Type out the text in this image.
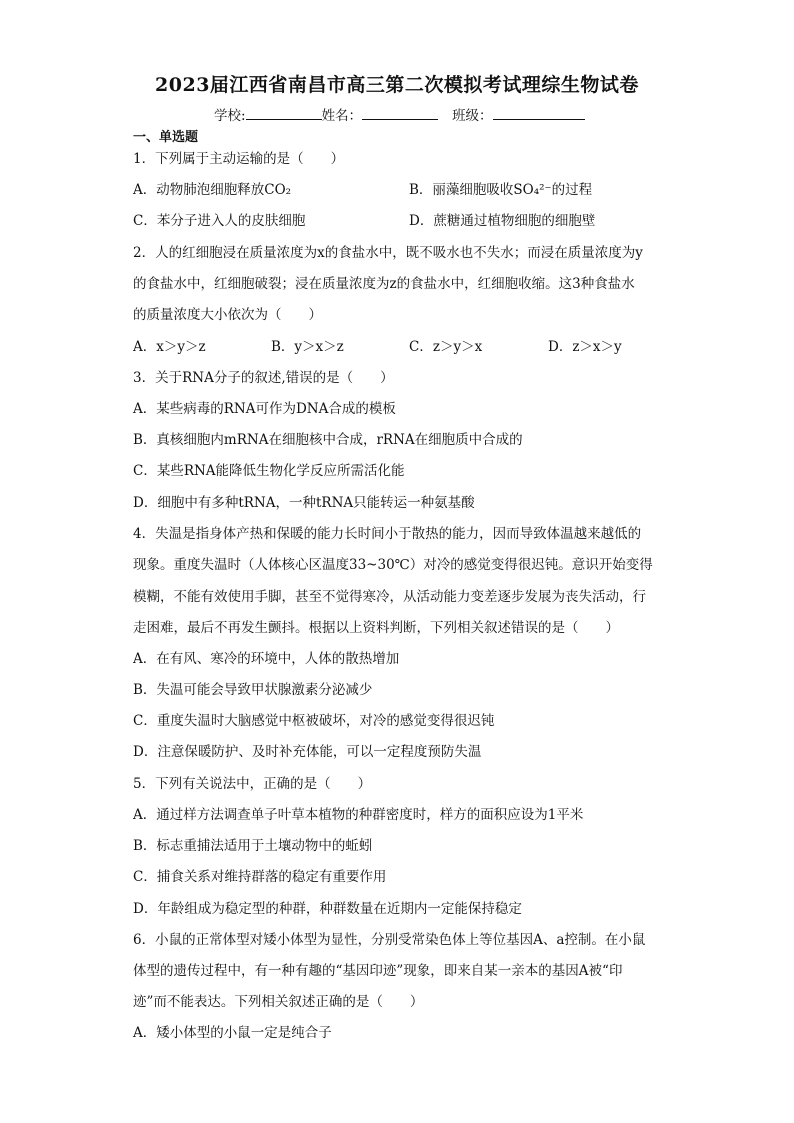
2023届江西省南昌市高三第二次模拟考试理综生物试卷
学校:	姓名：	班级：
一、单选题
1．下列属于主动运输的是（　　）
A．动物肺泡细胞释放CO₂	B．丽藻细胞吸收SO₄²⁻的过程
C．苯分子进入人的皮肤细胞	D．蔗糖通过植物细胞的细胞壁
2．人的红细胞浸在质量浓度为x的食盐水中，既不吸水也不失水；而浸在质量浓度为y
的食盐水中，红细胞破裂；浸在质量浓度为z的食盐水中，红细胞收缩。这3种食盐水
的质量浓度大小依次为（　　）
A．x＞y＞z	B．y＞x＞z	C．z＞y＞x	D．z＞x＞y
3．关于RNA分子的叙述,错误的是（　　）
A．某些病毒的RNA可作为DNA合成的模板
B．真核细胞内mRNA在细胞核中合成，rRNA在细胞质中合成的
C．某些RNA能降低生物化学反应所需活化能
D．细胞中有多种tRNA，一种tRNA只能转运一种氨基酸
4．失温是指身体产热和保暖的能力长时间小于散热的能力，因而导致体温越来越低的
现象。重度失温时（人体核心区温度33~30℃）对冷的感觉变得很迟钝。意识开始变得
模糊，不能有效使用手脚，甚至不觉得寒冷，从活动能力变差逐步发展为丧失活动，行
走困难，最后不再发生颤抖。根据以上资料判断，下列相关叙述错误的是（　　）
A．在有风、寒冷的环境中，人体的散热增加
B．失温可能会导致甲状腺激素分泌减少
C．重度失温时大脑感觉中枢被破坏，对冷的感觉变得很迟钝
D．注意保暖防护、及时补充体能，可以一定程度预防失温
5．下列有关说法中，正确的是（　　）
A．通过样方法调查单子叶草本植物的种群密度时，样方的面积应设为1平米
B．标志重捕法适用于土壤动物中的蚯蚓
C．捕食关系对维持群落的稳定有重要作用
D．年龄组成为稳定型的种群，种群数量在近期内一定能保持稳定
6．小鼠的正常体型对矮小体型为显性，分别受常染色体上等位基因A、a控制。在小鼠
体型的遗传过程中，有一种有趣的“基因印迹”现象，即来自某一亲本的基因A被“印
迹”而不能表达。下列相关叙述正确的是（　　）
A．矮小体型的小鼠一定是纯合子
